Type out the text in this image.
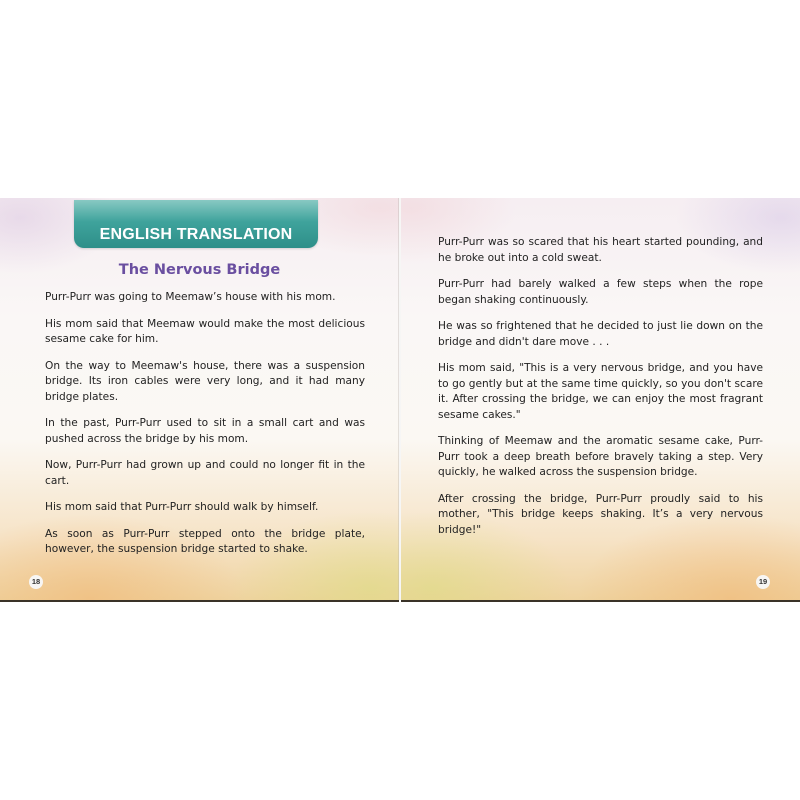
ENGLISH TRANSLATION
The Nervous Bridge

Purr-Purr was going to Meemaw’s house with his mom.

His mom said that Meemaw would make the most delicious sesame cake for him.

On the way to Meemaw's house, there was a suspension bridge. Its iron cables were very long, and it had many bridge plates.

In the past, Purr-Purr used to sit in a small cart and was pushed across the bridge by his mom.

Now, Purr-Purr had grown up and could no longer fit in the cart.

His mom said that Purr-Purr should walk by himself.

As soon as Purr-Purr stepped onto the bridge plate, however, the suspension bridge started to shake.

18

Purr-Purr was so scared that his heart started pounding, and he broke out into a cold sweat.

Purr-Purr had barely walked a few steps when the rope began shaking continuously.

He was so frightened that he decided to just lie down on the bridge and didn't dare move . . .

His mom said, "This is a very nervous bridge, and you have to go gently but at the same time quickly, so you don't scare it. After crossing the bridge, we can enjoy the most fragrant sesame cakes."

Thinking of Meemaw and the aromatic sesame cake, Purr-Purr took a deep breath before bravely taking a step. Very quickly, he walked across the suspension bridge.

After crossing the bridge, Purr-Purr proudly said to his mother, "This bridge keeps shaking. It’s a very nervous bridge!"

19
